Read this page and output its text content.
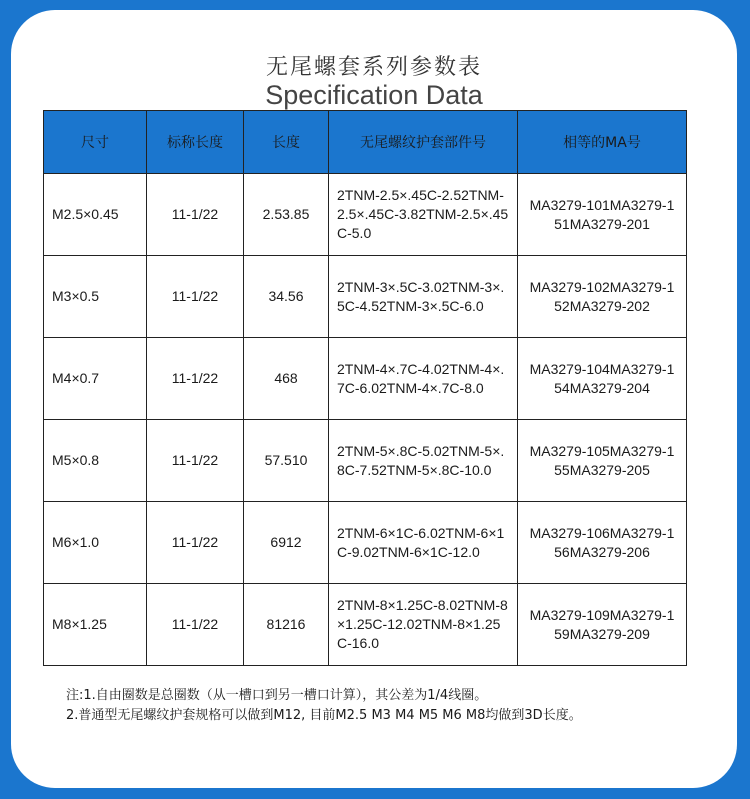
无尾螺套系列参数表
Specification Data
尺寸	标称长度	长度	无尾螺纹护套部件号	相等的MA号
M2.5×0.45	11-1/22	2.53.85	2TNM-2.5×.45C-2.52TNM-2.5×.45C-3.82TNM-2.5×.45C-5.0	MA3279-101MA3279-151MA3279-201
M3×0.5	11-1/22	34.56	2TNM-3×.5C-3.02TNM-3×.5C-4.52TNM-3×.5C-6.0	MA3279-102MA3279-152MA3279-202
M4×0.7	11-1/22	468	2TNM-4×.7C-4.02TNM-4×.7C-6.02TNM-4×.7C-8.0	MA3279-104MA3279-154MA3279-204
M5×0.8	11-1/22	57.510	2TNM-5×.8C-5.02TNM-5×.8C-7.52TNM-5×.8C-10.0	MA3279-105MA3279-155MA3279-205
M6×1.0	11-1/22	6912	2TNM-6×1C-6.02TNM-6×1C-9.02TNM-6×1C-12.0	MA3279-106MA3279-156MA3279-206
M8×1.25	11-1/22	81216	2TNM-8×1.25C-8.02TNM-8×1.25C-12.02TNM-8×1.25C-16.0	MA3279-109MA3279-159MA3279-209
注:1.自由圈数是总圈数（从一槽口到另一槽口计算），其公差为1/4线圈。
2.普通型无尾螺纹护套规格可以做到M12, 目前M2.5 M3 M4 M5 M6 M8均做到3D长度。
